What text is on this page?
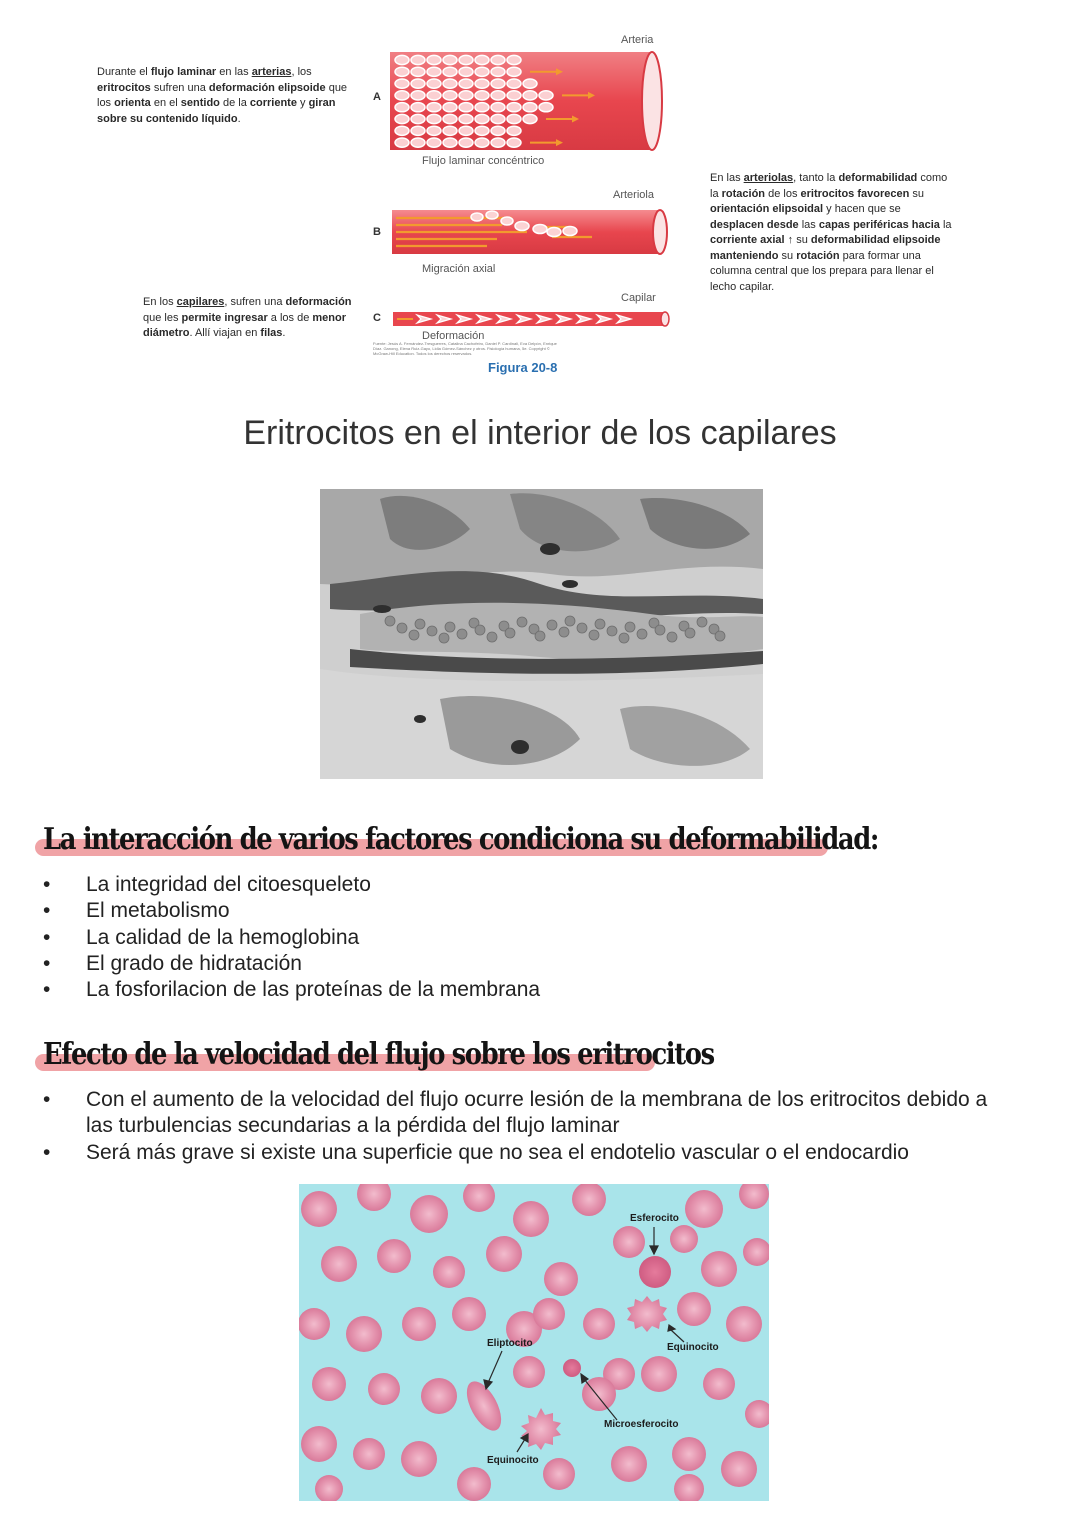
Durante el flujo laminar en las arterias, los eritrocitos sufren una deformación elipsoide que los orienta en el sentido de la corriente y giran sobre su contenido líquido.
En los capilares, sufren una deformación que les permite ingresar a los de menor diámetro. Allí viajan en filas.
En las arteriolas, tanto la deformabilidad como la rotación de los eritrocitos favorecen su orientación elipsoidal y hacen que se desplacen desde las capas periféricas hacia la corriente axial ↑ su deformabilidad elipsoide manteniendo su rotación para formar una columna central que los prepara para llenar el lecho capilar.
Arteria
A
Flujo laminar concéntrico
Arteriola
B
Migración axial
Capilar
C
Deformación
Fuente: Jesús A. Fernández-Tresguerres, Catalina Cachofeiro, Daniel P. Cardinali, Eva Delpón, Enrique Díaz. Ganong, Elena Ruiz-Gayo, Lidia Gómez-Sánchez y otros. Fisiología humana, 5e. Copyright © McGraw-Hill Education. Todos los derechos reservados.
Figura 20-8
Eritrocitos en el interior de los capilares
La interacción de varios factores condiciona su deformabilidad:
• La integridad del citoesqueleto
• El metabolismo
• La calidad de la hemoglobina
• El grado de hidratación
• La fosforilacion de las proteínas de la membrana
Efecto de la velocidad del flujo sobre los eritrocitos
• Con el aumento de la velocidad del flujo ocurre lesión de la membrana de los eritrocitos debido a las turbulencias secundarias a la pérdida del flujo laminar
• Será más grave si existe una superficie que no sea el endotelio vascular o el endocardio
Esferocito
Equinocito
Eliptocito
Microesferocito
Equinocito
